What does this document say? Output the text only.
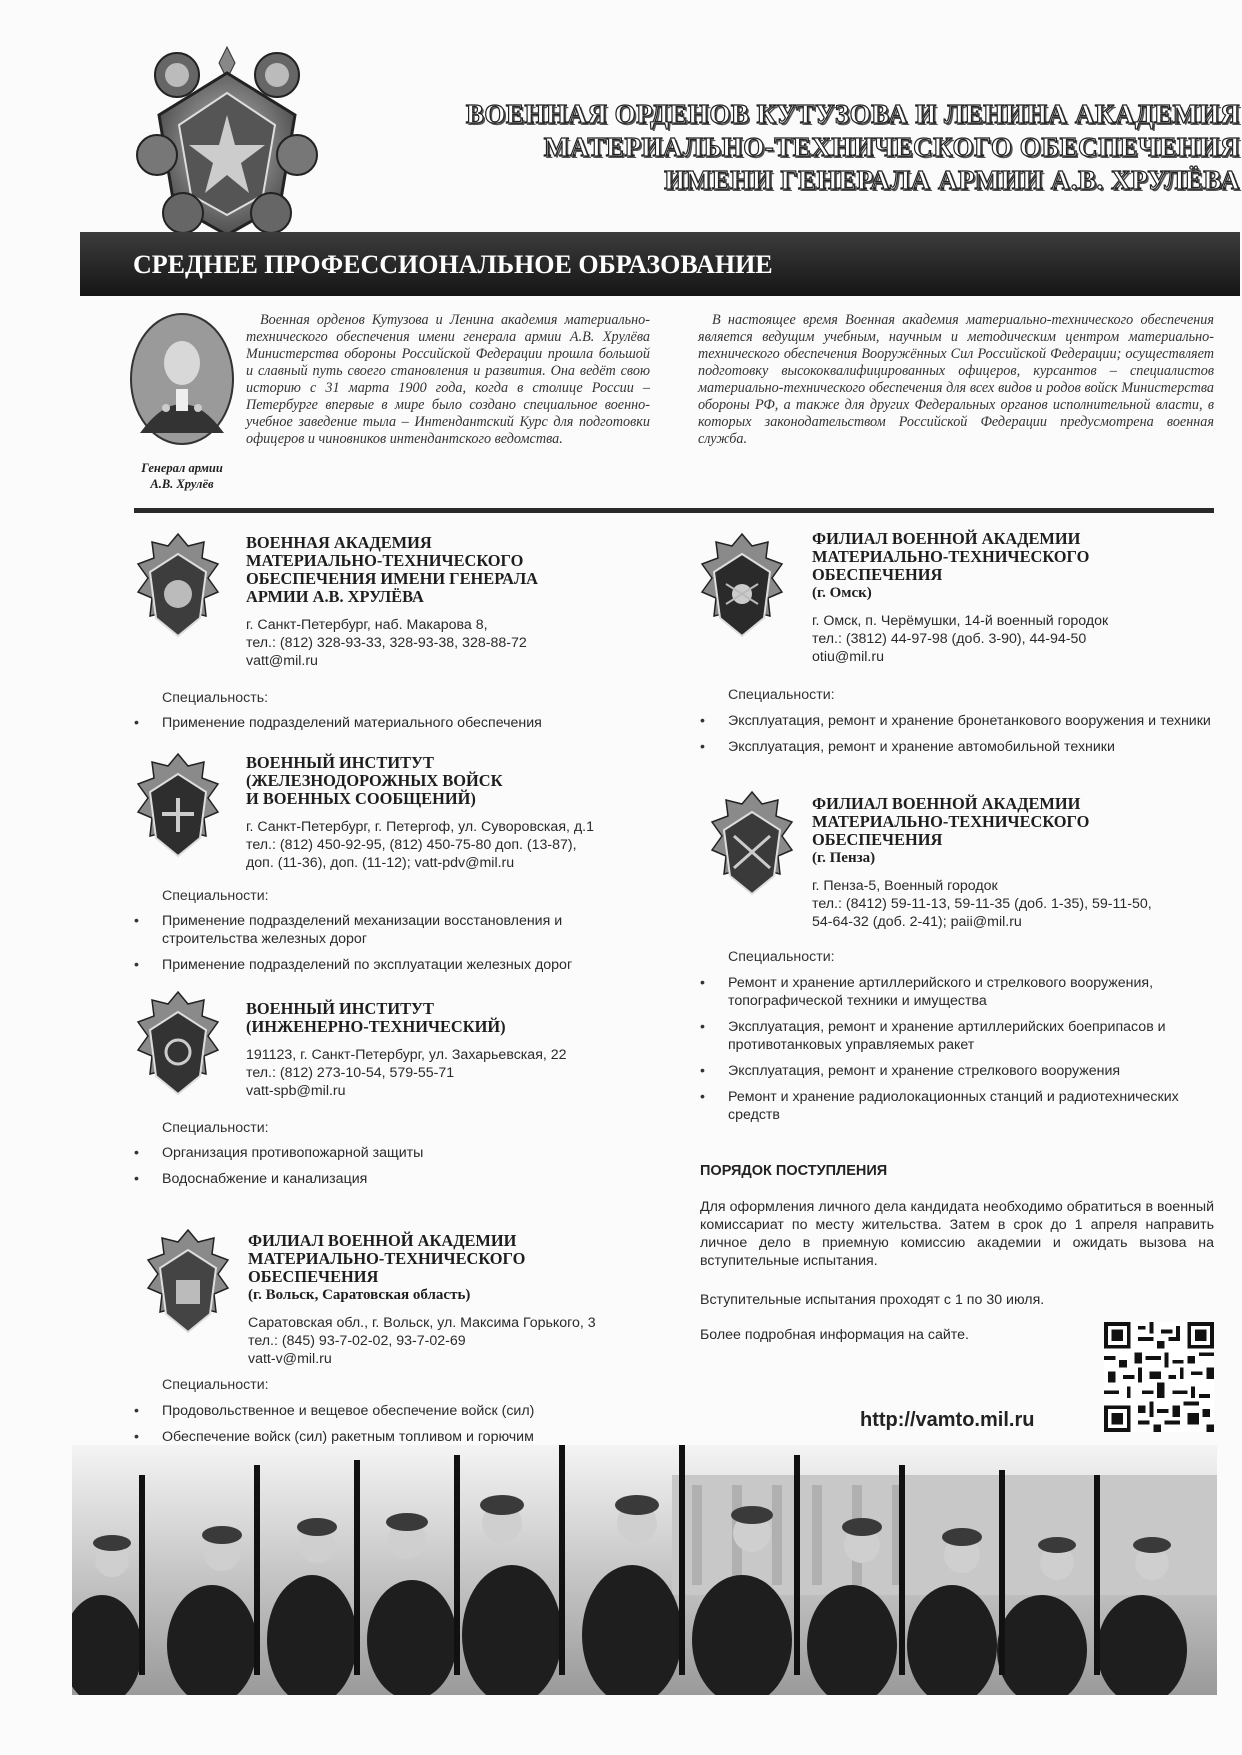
ВОЕННАЯ ОРДЕНОВ КУТУЗОВА И ЛЕНИНА АКАДЕМИЯ
МАТЕРИАЛЬНО-ТЕХНИЧЕСКОГО ОБЕСПЕЧЕНИЯ
ИМЕНИ ГЕНЕРАЛА АРМИИ А.В. ХРУЛЁВА
СРЕДНЕЕ ПРОФЕССИОНАЛЬНОЕ ОБРАЗОВАНИЕ
Генерал армии
А.В. Хрулёв
Военная орденов Кутузова и Ленина академия материально-технического обеспечения имени генерала армии А.В. Хрулёва Министерства обороны Российской Федерации прошла большой и славный путь своего становления и развития. Она ведёт свою историю с 31 марта 1900 года, когда в столице России – Петербурге впервые в мире было создано специальное военно-учебное заведение тыла – Интендантский Курс для подготовки офицеров и чиновников интендантского ведомства.
В настоящее время Военная академия материально-технического обеспечения является ведущим учебным, научным и методическим центром материально-технического обеспечения Вооружённых Сил Российской Федерации; осуществляет подготовку высококвалифицированных офицеров, курсантов – специалистов материально-технического обеспечения для всех видов и родов войск Министерства обороны РФ, а также для других Федеральных органов исполнительной власти, в которых законодательством Российской Федерации предусмотрена военная служба.
ВОЕННАЯ АКАДЕМИЯ
МАТЕРИАЛЬНО-ТЕХНИЧЕСКОГО
ОБЕСПЕЧЕНИЯ ИМЕНИ ГЕНЕРАЛА
АРМИИ А.В. ХРУЛЁВА
г. Санкт-Петербург, наб. Макарова 8,
тел.: (812) 328-93-33, 328-93-38, 328-88-72
vatt@mil.ru
Специальность:
• Применение подразделений материального обеспечения
ВОЕННЫЙ ИНСТИТУТ
(ЖЕЛЕЗНОДОРОЖНЫХ ВОЙСК
И ВОЕННЫХ СООБЩЕНИЙ)
г. Санкт-Петербург, г. Петергоф, ул. Суворовская, д.1
тел.: (812) 450-92-95, (812) 450-75-80 доп. (13-87),
доп. (11-36), доп. (11-12); vatt-pdv@mil.ru
Специальности:
• Применение подразделений механизации восстановления и строительства железных дорог
• Применение подразделений по эксплуатации железных дорог
ВОЕННЫЙ ИНСТИТУТ
(ИНЖЕНЕРНО-ТЕХНИЧЕСКИЙ)
191123, г. Санкт-Петербург, ул. Захарьевская, 22
тел.: (812) 273-10-54, 579-55-71
vatt-spb@mil.ru
Специальности:
• Организация противопожарной защиты
• Водоснабжение и канализация
ФИЛИАЛ ВОЕННОЙ АКАДЕМИИ
МАТЕРИАЛЬНО-ТЕХНИЧЕСКОГО
ОБЕСПЕЧЕНИЯ
(г. Вольск, Саратовская область)
Саратовская обл., г. Вольск, ул. Максима Горького, 3
тел.: (845) 93-7-02-02, 93-7-02-69
vatt-v@mil.ru
Специальности:
• Продовольственное и вещевое обеспечение войск (сил)
• Обеспечение войск (сил) ракетным топливом и горючим
ФИЛИАЛ ВОЕННОЙ АКАДЕМИИ
МАТЕРИАЛЬНО-ТЕХНИЧЕСКОГО
ОБЕСПЕЧЕНИЯ
(г. Омск)
г. Омск, п. Черёмушки, 14-й военный городок
тел.: (3812) 44-97-98 (доб. 3-90), 44-94-50
otiu@mil.ru
Специальности:
• Эксплуатация, ремонт и хранение бронетанкового вооружения и техники
• Эксплуатация, ремонт и хранение автомобильной техники
ФИЛИАЛ ВОЕННОЙ АКАДЕМИИ
МАТЕРИАЛЬНО-ТЕХНИЧЕСКОГО
ОБЕСПЕЧЕНИЯ
(г. Пенза)
г. Пенза-5, Военный городок
тел.: (8412) 59-11-13, 59-11-35 (доб. 1-35), 59-11-50,
54-64-32 (доб. 2-41); paii@mil.ru
Специальности:
• Ремонт и хранение артиллерийского и стрелкового вооружения, топографической техники и имущества
• Эксплуатация, ремонт и хранение артиллерийских боеприпасов и противотанковых управляемых ракет
• Эксплуатация, ремонт и хранение стрелкового вооружения
• Ремонт и хранение радиолокационных станций и радиотехнических средств
ПОРЯДОК ПОСТУПЛЕНИЯ
Для оформления личного дела кандидата необходимо обратиться в военный комиссариат по месту жительства. Затем в срок до 1 апреля направить личное дело в приемную комиссию академии и ожидать вызова на вступительные испытания.
Вступительные испытания проходят с 1 по 30 июля.
Более подробная информация на сайте.
http://vamto.mil.ru
